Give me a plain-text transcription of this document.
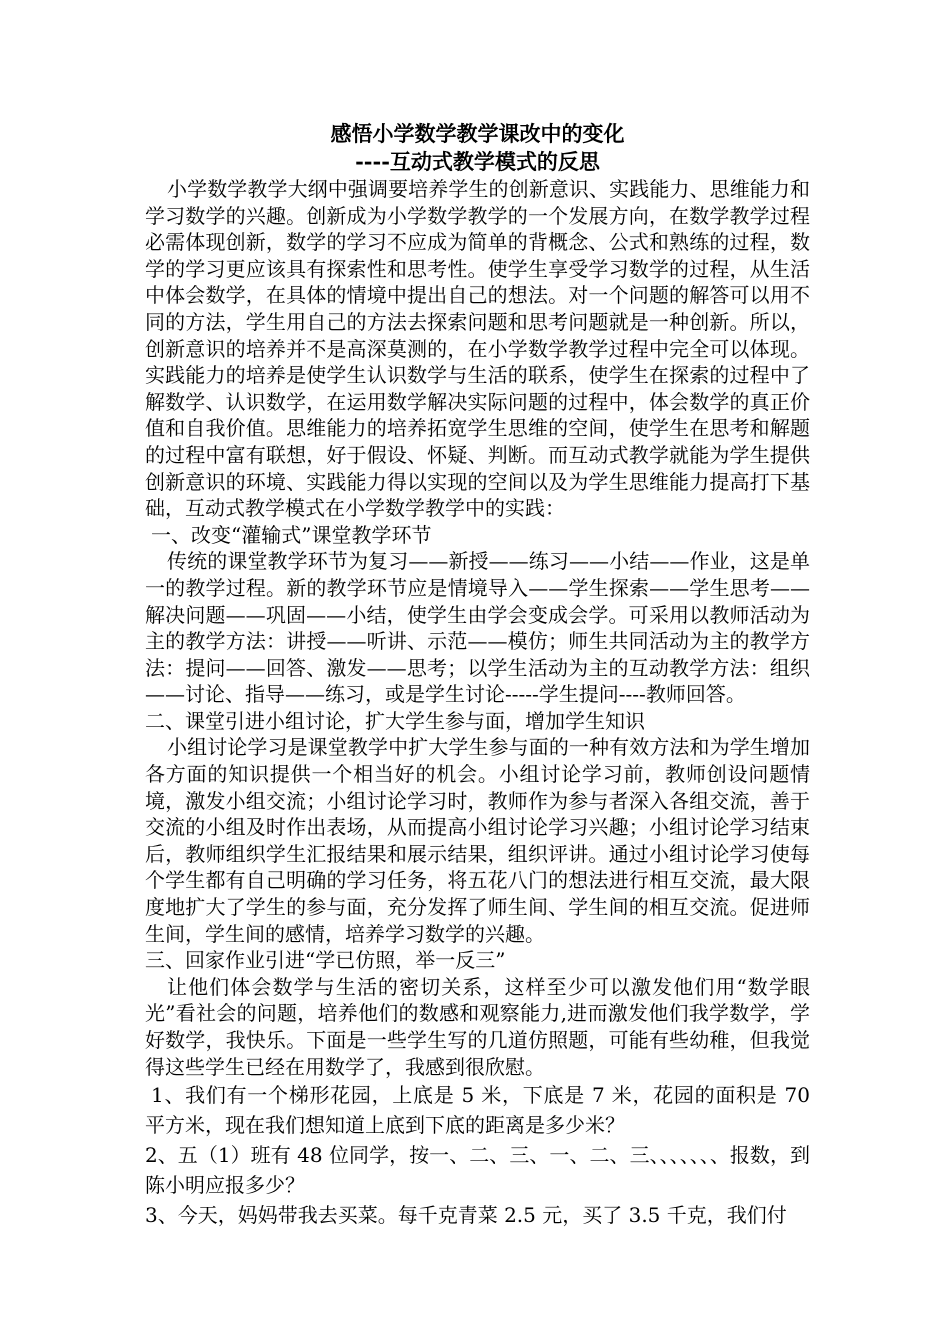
感悟小学数学教学课改中的变化
----互动式教学模式的反思

小学数学教学大纲中强调要培养学生的创新意识、实践能力、思维能力和学习数学的兴趣。创新成为小学数学教学的一个发展方向，在数学教学过程必需体现创新，数学的学习不应成为简单的背概念、公式和熟练的过程，数学的学习更应该具有探索性和思考性。使学生享受学习数学的过程，从生活中体会数学，在具体的情境中提出自己的想法。对一个问题的解答可以用不同的方法，学生用自己的方法去探索问题和思考问题就是一种创新。所以，创新意识的培养并不是高深莫测的，在小学数学教学过程中完全可以体现。实践能力的培养是使学生认识数学与生活的联系，使学生在探索的过程中了解数学、认识数学，在运用数学解决实际问题的过程中，体会数学的真正价值和自我价值。思维能力的培养拓宽学生思维的空间，使学生在思考和解题的过程中富有联想，好于假设、怀疑、判断。而互动式教学就能为学生提供创新意识的环境、实践能力得以实现的空间以及为学生思维能力提高打下基础，互动式教学模式在小学数学教学中的实践：

一、改变“灌输式”课堂教学环节

传统的课堂教学环节为复习——新授——练习——小结——作业，这是单一的教学过程。新的教学环节应是情境导入——学生探索——学生思考——解决问题——巩固——小结，使学生由学会变成会学。可采用以教师活动为主的教学方法：讲授——听讲、示范——模仿；师生共同活动为主的教学方法：提问——回答、激发——思考；以学生活动为主的互动教学方法：组织——讨论、指导——练习，或是学生讨论-----学生提问----教师回答。

二、课堂引进小组讨论，扩大学生参与面，增加学生知识

小组讨论学习是课堂教学中扩大学生参与面的一种有效方法和为学生增加各方面的知识提供一个相当好的机会。小组讨论学习前，教师创设问题情境，激发小组交流；小组讨论学习时，教师作为参与者深入各组交流，善于交流的小组及时作出表场，从而提高小组讨论学习兴趣；小组讨论学习结束后，教师组织学生汇报结果和展示结果，组织评讲。通过小组讨论学习使每个学生都有自己明确的学习任务，将五花八门的想法进行相互交流，最大限度地扩大了学生的参与面，充分发挥了师生间、学生间的相互交流。促进师生间，学生间的感情，培养学习数学的兴趣。

三、回家作业引进“学已仿照，举一反三”

让他们体会数学与生活的密切关系，这样至少可以激发他们用“数学眼光”看社会的问题，培养他们的数感和观察能力,进而激发他们我学数学，学好数学，我快乐。下面是一些学生写的几道仿照题，可能有些幼稚，但我觉得这些学生已经在用数学了，我感到很欣慰。

1、我们有一个梯形花园，上底是 5 米，下底是 7 米，花园的面积是 70 平方米，现在我们想知道上底到下底的距离是多少米？

2、五（1）班有 48 位同学，按一、二、三、一、二、三、、、、、、、报数，到陈小明应报多少？

3、今天，妈妈带我去买菜。每千克青菜 2.5 元，买了 3.5 千克，我们付
